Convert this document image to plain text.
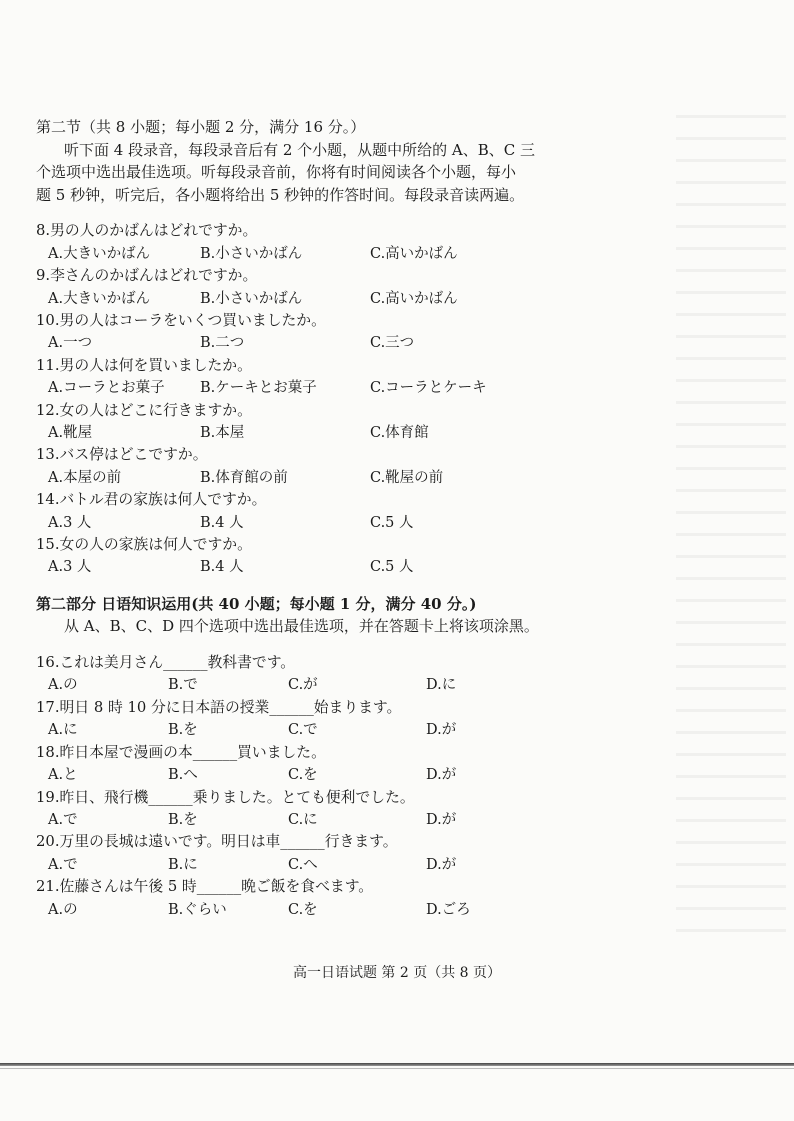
第二节（共 8 小题；每小题 2 分，满分 16 分。）
听下面 4 段录音，每段录音后有 2 个小题，从题中所给的 A、B、C 三
个选项中选出最佳选项。听每段录音前，你将有时间阅读各个小题，每小
题 5 秒钟，听完后，各小题将给出 5 秒钟的作答时间。每段录音读两遍。
8.男の人のかばんはどれですか。
A.大きいかばん	B.小さいかばん	C.高いかばん
9.李さんのかばんはどれですか。
A.大きいかばん	B.小さいかばん	C.高いかばん
10.男の人はコーラをいくつ買いましたか。
A.一つ	B.二つ	C.三つ
11.男の人は何を買いましたか。
A.コーラとお菓子	B.ケーキとお菓子	C.コーラとケーキ
12.女の人はどこに行きますか。
A.靴屋	B.本屋	C.体育館
13.バス停はどこですか。
A.本屋の前	B.体育館の前	C.靴屋の前
14.バトル君の家族は何人ですか。
A.3 人	B.4 人	C.5 人
15.女の人の家族は何人ですか。
A.3 人	B.4 人	C.5 人
第二部分 日语知识运用(共 40 小题；每小题 1 分，满分 40 分。)
从 A、B、C、D 四个选项中选出最佳选项，并在答题卡上将该项涂黑。
16.これは美月さん______教科書です。
A.の	B.で	C.が	D.に
17.明日 8 時 10 分に日本語の授業______始まります。
A.に	B.を	C.で	D.が
18.昨日本屋で漫画の本______買いました。
A.と	B.へ	C.を	D.が
19.昨日、飛行機______乗りました。とても便利でした。
A.で	B.を	C.に	D.が
20.万里の長城は遠いです。明日は車______行きます。
A.で	B.に	C.へ	D.が
21.佐藤さんは午後 5 時______晩ご飯を食べます。
A.の	B.ぐらい	C.を	D.ごろ
高一日语试题 第 2 页（共 8 页）
